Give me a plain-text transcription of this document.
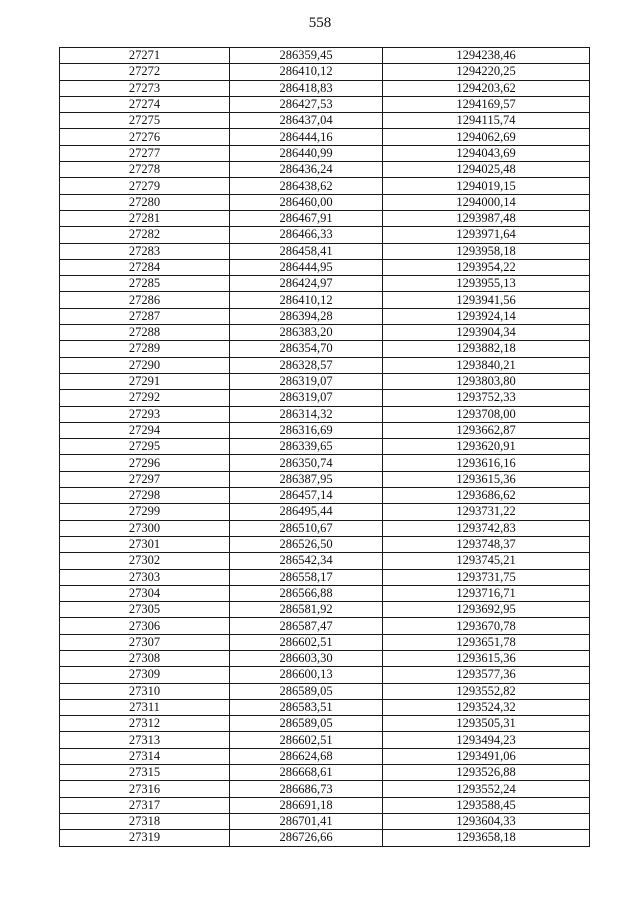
558
27271	286359,45	1294238,46
27272	286410,12	1294220,25
27273	286418,83	1294203,62
27274	286427,53	1294169,57
27275	286437,04	1294115,74
27276	286444,16	1294062,69
27277	286440,99	1294043,69
27278	286436,24	1294025,48
27279	286438,62	1294019,15
27280	286460,00	1294000,14
27281	286467,91	1293987,48
27282	286466,33	1293971,64
27283	286458,41	1293958,18
27284	286444,95	1293954,22
27285	286424,97	1293955,13
27286	286410,12	1293941,56
27287	286394,28	1293924,14
27288	286383,20	1293904,34
27289	286354,70	1293882,18
27290	286328,57	1293840,21
27291	286319,07	1293803,80
27292	286319,07	1293752,33
27293	286314,32	1293708,00
27294	286316,69	1293662,87
27295	286339,65	1293620,91
27296	286350,74	1293616,16
27297	286387,95	1293615,36
27298	286457,14	1293686,62
27299	286495,44	1293731,22
27300	286510,67	1293742,83
27301	286526,50	1293748,37
27302	286542,34	1293745,21
27303	286558,17	1293731,75
27304	286566,88	1293716,71
27305	286581,92	1293692,95
27306	286587,47	1293670,78
27307	286602,51	1293651,78
27308	286603,30	1293615,36
27309	286600,13	1293577,36
27310	286589,05	1293552,82
27311	286583,51	1293524,32
27312	286589,05	1293505,31
27313	286602,51	1293494,23
27314	286624,68	1293491,06
27315	286668,61	1293526,88
27316	286686,73	1293552,24
27317	286691,18	1293588,45
27318	286701,41	1293604,33
27319	286726,66	1293658,18
